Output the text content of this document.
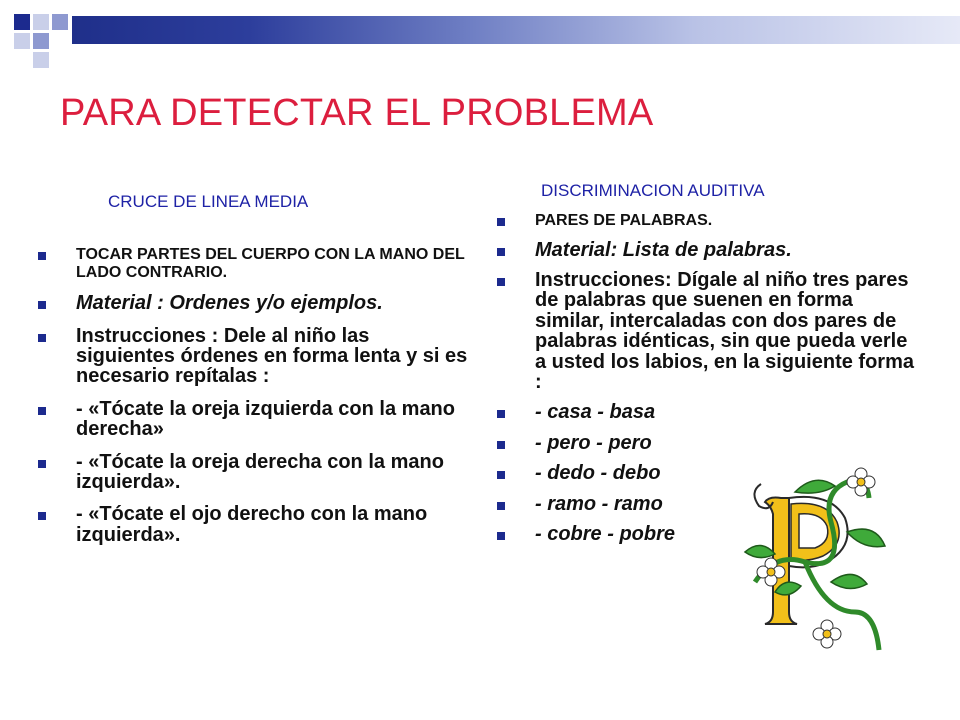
PARA DETECTAR EL PROBLEMA
CRUCE DE LINEA MEDIA
DISCRIMINACION AUDITIVA
TOCAR PARTES DEL CUERPO CON LA MANO DEL LADO CONTRARIO.
Material : Ordenes y/o ejemplos.
Instrucciones : Dele al niño las siguientes órdenes en forma lenta y si es necesario repítalas :
- «Tócate la oreja izquierda con la mano derecha»
- «Tócate la oreja derecha con la mano izquierda».
- «Tócate el ojo derecho con la mano izquierda».
PARES DE PALABRAS.
Material: Lista de palabras.
Instrucciones: Dígale al niño tres pares de palabras que suenen en forma similar, intercaladas con dos pares de palabras idénticas, sin que pueda verle a usted los labios, en la siguiente forma :
- casa - basa
- pero - pero
- dedo - debo
- ramo - ramo
- cobre - pobre
